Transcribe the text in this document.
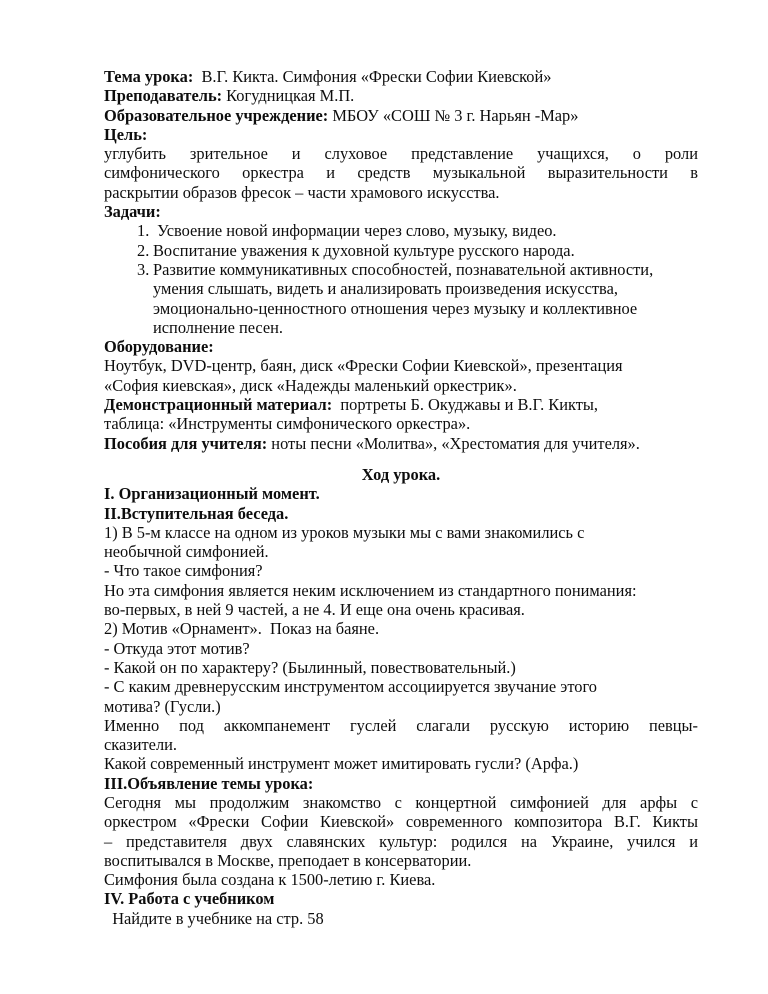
Тема урока:  В.Г. Кикта. Симфония «Фрески Софии Киевской»
Преподаватель: Когудницкая М.П.
Образовательное учреждение: МБОУ «СОШ № 3 г. Нарьян -Мар»
Цель:
углубить зрительное и слуховое представление учащихся, о роли
симфонического оркестра и средств музыкальной выразительности в
раскрытии образов фресок – части храмового искусства.
Задачи:
1. Усвоение новой информации через слово, музыку, видео.
2. Воспитание уважения к духовной культуре русского народа.
3. Развитие коммуникативных способностей, познавательной активности,
умения слышать, видеть и анализировать произведения искусства,
эмоционально-ценностного отношения через музыку и коллективное
исполнение песен.
Оборудование:
Ноутбук, DVD-центр, баян, диск «Фрески Софии Киевской», презентация
«София киевская», диск «Надежды маленький оркестрик».
Демонстрационный материал:  портреты Б. Окуджавы и В.Г. Кикты,
таблица: «Инструменты симфонического оркестра».
Пособия для учителя: ноты песни «Молитва», «Хрестоматия для учителя».
Ход урока.
I. Организационный момент.
II.Вступительная беседа.
1) В 5-м классе на одном из уроков музыки мы с вами знакомились с
необычной симфонией.
- Что такое симфония?
Но эта симфония является неким исключением из стандартного понимания:
во-первых, в ней 9 частей, а не 4. И еще она очень красивая.
2) Мотив «Орнамент».  Показ на баяне.
- Откуда этот мотив?
- Какой он по характеру? (Былинный, повествовательный.)
- С каким древнерусским инструментом ассоциируется звучание этого
мотива? (Гусли.)
Именно под аккомпанемент гуслей слагали русскую историю певцы-
сказители.
Какой современный инструмент может имитировать гусли? (Арфа.)
III.Объявление темы урока:
Сегодня мы продолжим знакомство с концертной симфонией для арфы с
оркестром «Фрески Софии Киевской» современного композитора В.Г. Кикты
– представителя двух славянских культур: родился на Украине, учился и
воспитывался в Москве, преподает в консерватории.
Симфония была создана к 1500-летию г. Киева.
IV. Работа с учебником
Найдите в учебнике на стр. 58
